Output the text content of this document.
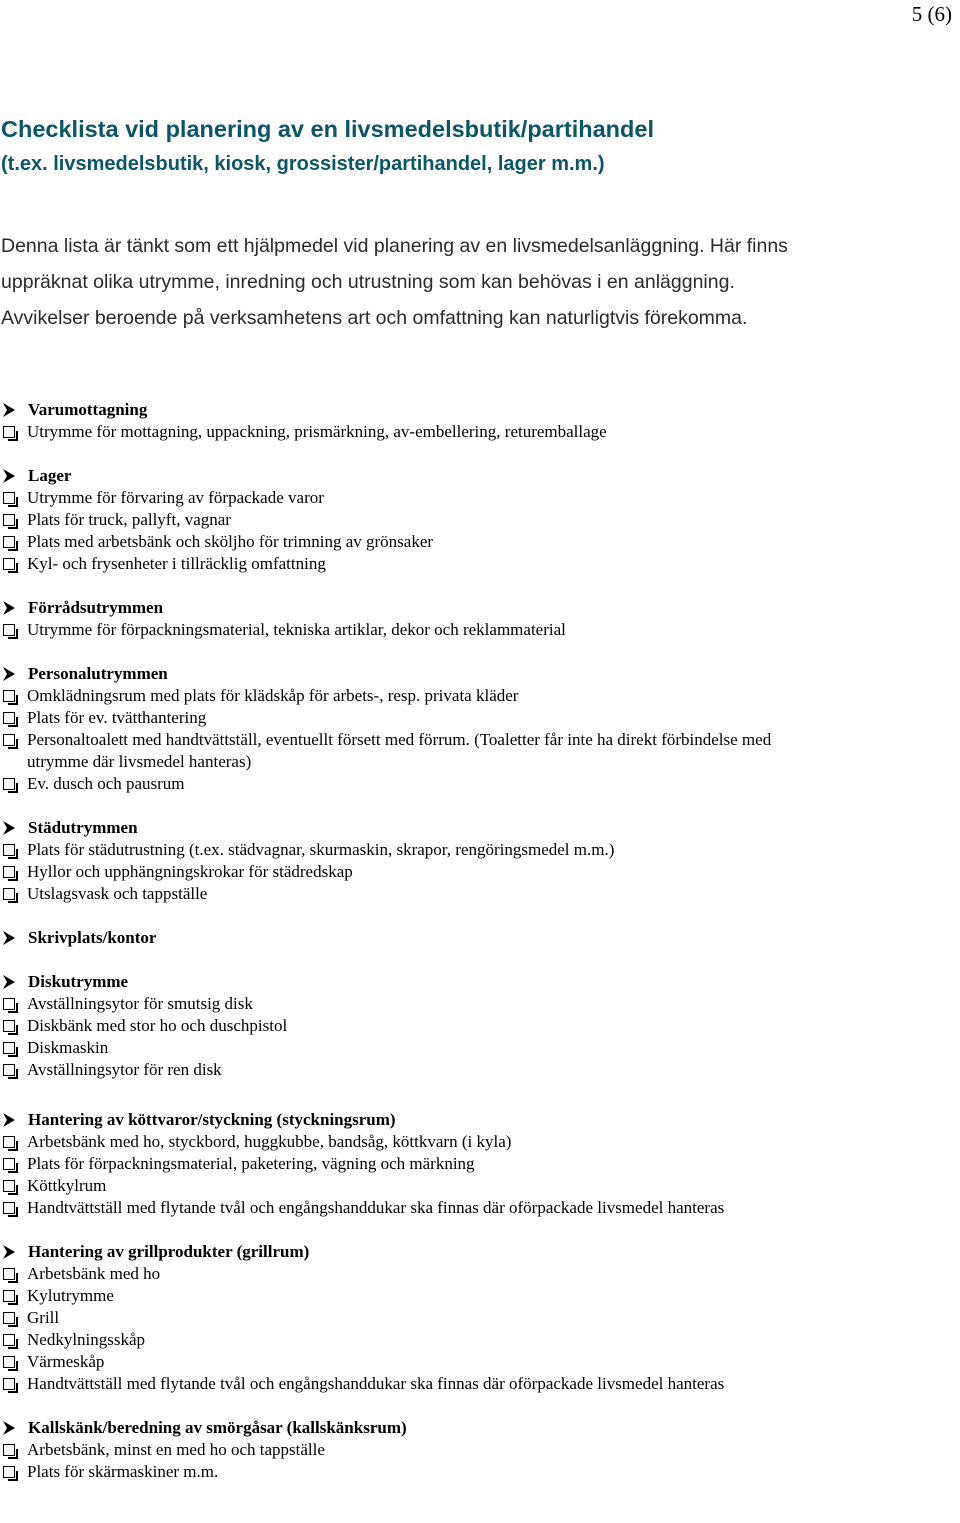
5 (6)
Checklista vid planering av en livsmedelsbutik/partihandel
(t.ex. livsmedelsbutik, kiosk, grossister/partihandel, lager m.m.)

Denna lista är tänkt som ett hjälpmedel vid planering av en livsmedelsanläggning. Här finns uppräknat olika utrymme, inredning och utrustning som kan behövas i en anläggning. Avvikelser beroende på verksamhetens art och omfattning kan naturligtvis förekomma.

Varumottagning
Utrymme för mottagning, uppackning, prismärkning, av-embellering, returemballage
Lager
Utrymme för förvaring av förpackade varor
Plats för truck, pallyft, vagnar
Plats med arbetsbänk och sköljho för trimning av grönsaker
Kyl- och frysenheter i tillräcklig omfattning
Förrådsutrymmen
Utrymme för förpackningsmaterial, tekniska artiklar, dekor och reklammaterial
Personalutrymmen
Omklädningsrum med plats för klädskåp för arbets-, resp. privata kläder
Plats för ev. tvätthantering
Personaltoalett med handtvättställ, eventuellt försett med förrum. (Toaletter får inte ha direkt förbindelse med utrymme där livsmedel hanteras)
Ev. dusch och pausrum
Städutrymmen
Plats för städutrustning (t.ex. städvagnar, skurmaskin, skrapor, rengöringsmedel m.m.)
Hyllor och upphängningskrokar för städredskap
Utslagsvask och tappställe
Skrivplats/kontor
Diskutrymme
Avställningsytor för smutsig disk
Diskbänk med stor ho och duschpistol
Diskmaskin
Avställningsytor för ren disk
Hantering av köttvaror/styckning (styckningsrum)
Arbetsbänk med ho, styckbord, huggkubbe, bandsåg, köttkvarn (i kyla)
Plats för förpackningsmaterial, paketering, vägning och märkning
Köttkylrum
Handtvättställ med flytande tvål och engångshanddukar ska finnas där oförpackade livsmedel hanteras
Hantering av grillprodukter (grillrum)
Arbetsbänk med ho
Kylutrymme
Grill
Nedkylningsskåp
Värmeskåp
Handtvättställ med flytande tvål och engångshanddukar ska finnas där oförpackade livsmedel hanteras
Kallskänk/beredning av smörgåsar (kallskänksrum)
Arbetsbänk, minst en med ho och tappställe
Plats för skärmaskiner m.m.
